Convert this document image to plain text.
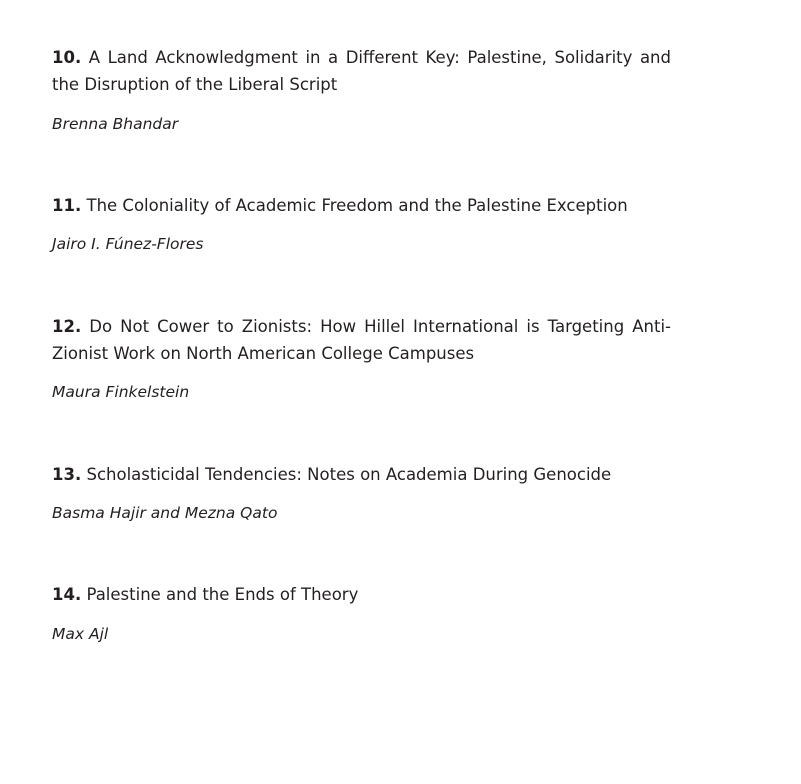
10. A Land Acknowledgment in a Different Key: Palestine, Solidarity and the Disruption of the Liberal Script

Brenna Bhandar

11. The Coloniality of Academic Freedom and the Palestine Exception

Jairo I. Fúnez-Flores

12. Do Not Cower to Zionists: How Hillel International is Targeting Anti-Zionist Work on North American College Campuses

Maura Finkelstein

13. Scholasticidal Tendencies: Notes on Academia During Genocide

Basma Hajir and Mezna Qato

14. Palestine and the Ends of Theory

Max Ajl
